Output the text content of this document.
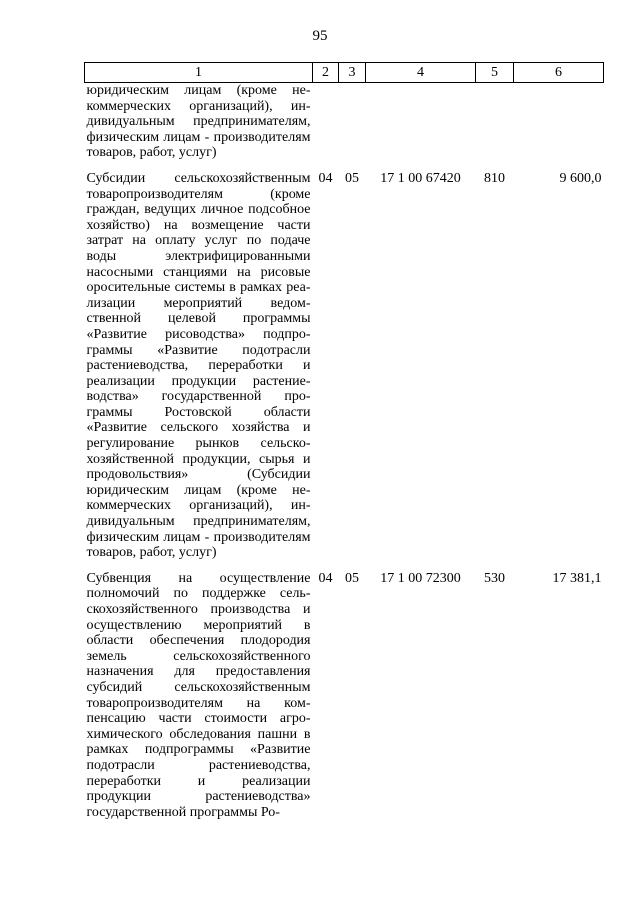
95
1	2	3	4	5	6
юридическим лицам (кроме некоммерческих организаций), индивидуальным предпринимателям, физическим лицам - производителям товаров, работ, услуг)					

Субсидии сельскохозяйственным товаропроизводителям (кроме граждан, ведущих личное подсобное хозяйство) на возмещение части затрат на оплату услуг по подаче воды электрифицированными насосными станциями на рисовые оросительные системы в рамках реализации мероприятий ведомственной целевой программы «Развитие рисоводства» подпрограммы «Развитие подотрасли растениеводства, переработки и реализации продукции растениеводства» государственной программы Ростовской области «Развитие сельского хозяйства и регулирование рынков сельскохозяйственной продукции, сырья и продовольствия» (Субсидии юридическим лицам (кроме некоммерческих организаций), индивидуальным предпринимателям, физическим лицам - производителям товаров, работ, услуг)	04	05	17 1 00 67420	810	9 600,0

Субвенция на осуществление полномочий по поддержке сельскохозяйственного производства и осуществлению мероприятий в области обеспечения плодородия земель сельскохозяйственного назначения для предоставления субсидий сельскохозяйственным товаропроизводителям на компенсацию части стоимости агрохимического обследования пашни в рамках подпрограммы «Развитие подотрасли растениеводства, переработки и реализации продукции растениеводства» государственной программы Ро-	04	05	17 1 00 72300	530	17 381,1
